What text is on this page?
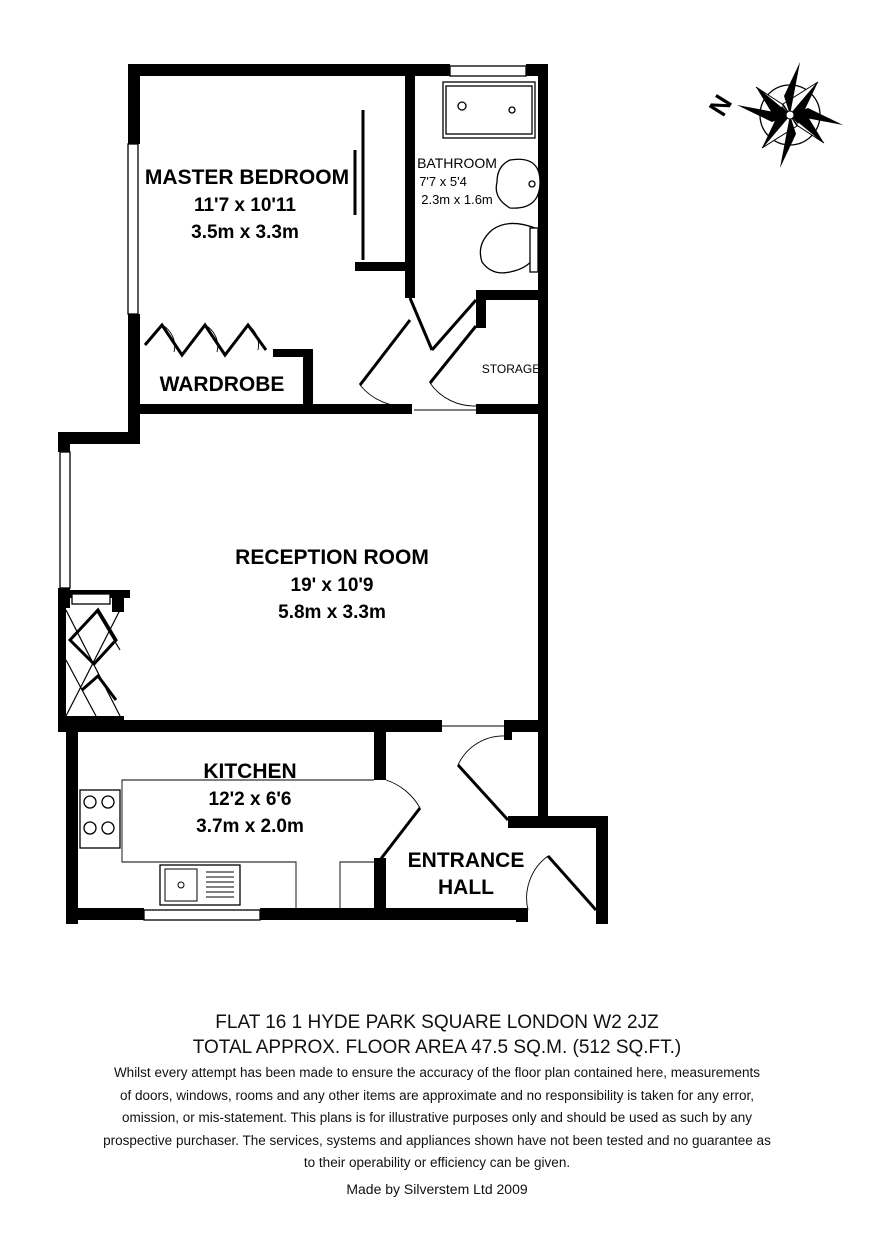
N
MASTER BEDROOM
11'7 x 10'11
3.5m x 3.3m
BATHROOM
7'7 x 5'4
2.3m x 1.6m
WARDROBE
STORAGE
RECEPTION ROOM
19' x 10'9
5.8m x 3.3m
KITCHEN
12'2 x 6'6
3.7m x 2.0m
ENTRANCE
HALL
FLAT 16 1 HYDE PARK SQUARE LONDON W2 2JZ
TOTAL APPROX. FLOOR AREA 47.5 SQ.M. (512 SQ.FT.)
Whilst every attempt has been made to ensure the accuracy of the floor plan contained here, measurements
of doors, windows, rooms and any other items are approximate and no responsibility is taken for any error,
omission, or mis-statement. This plans is for illustrative purposes only and should be used as such by any
prospective purchaser. The services, systems and appliances shown have not been tested and no guarantee as
to their operability or efficiency can be given.
Made by Silverstem Ltd 2009
